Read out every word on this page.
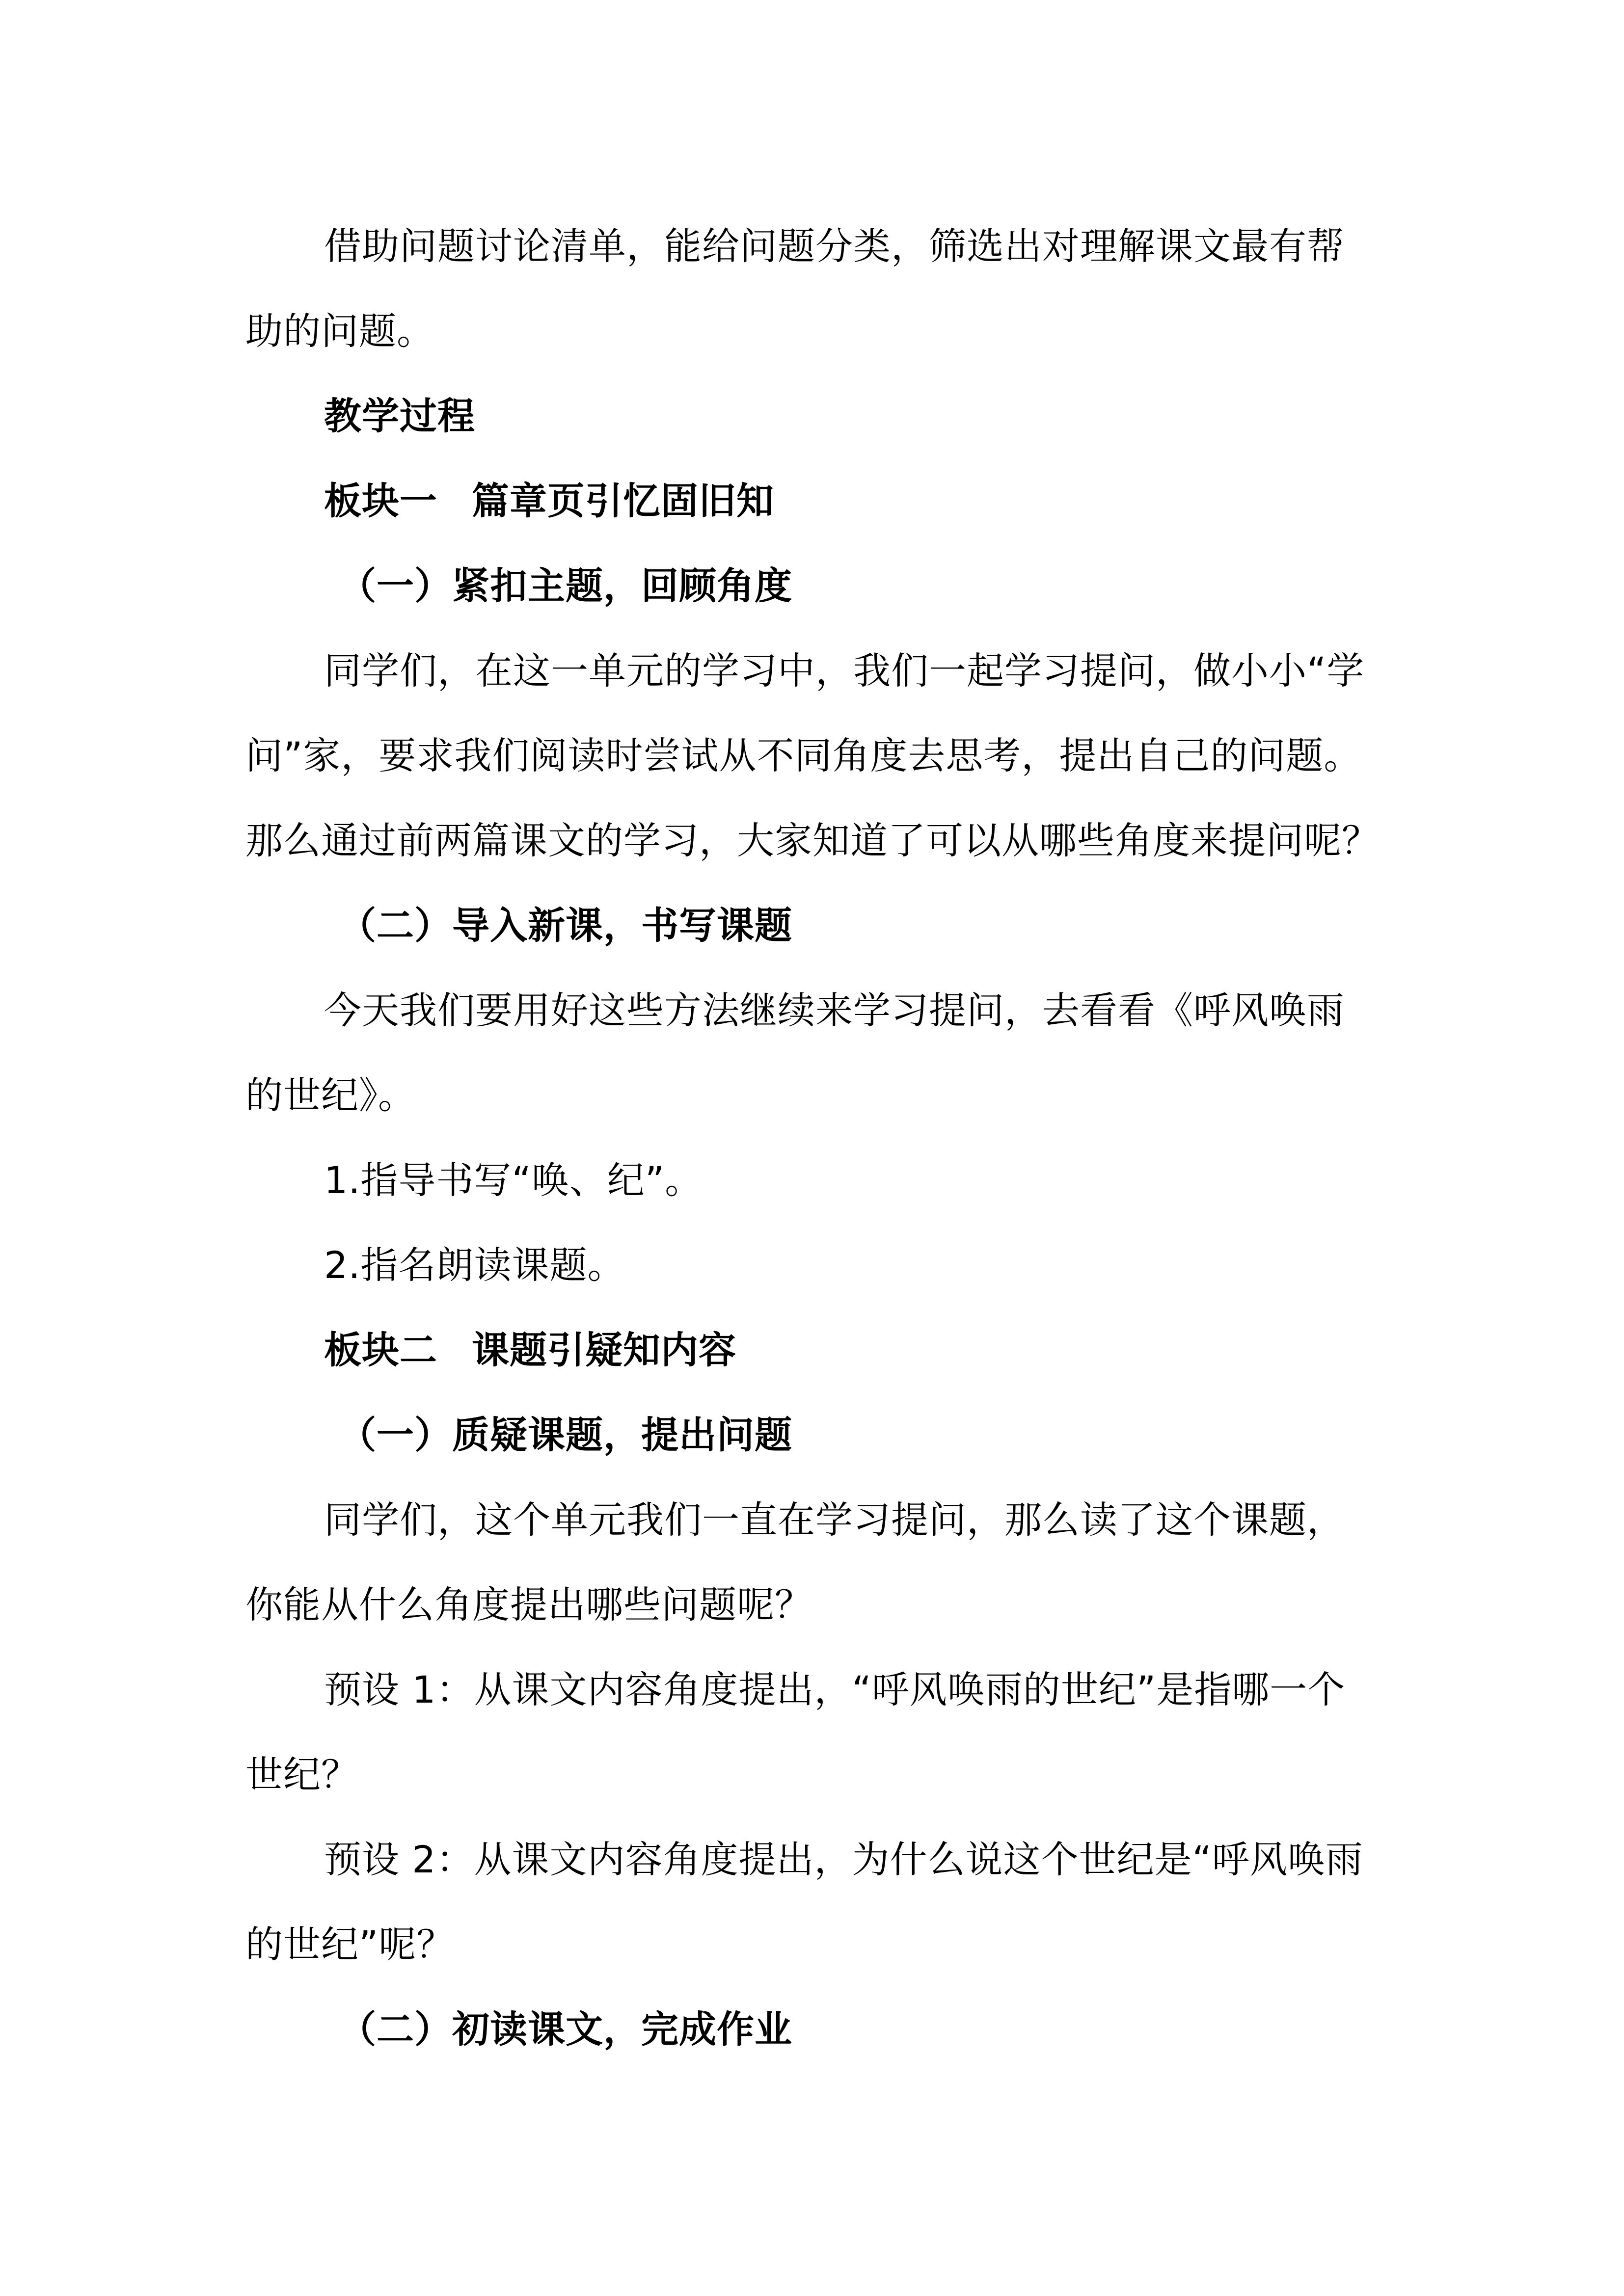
借助问题讨论清单，能给问题分类，筛选出对理解课文最有帮
助的问题。
教学过程
板块一 篇章页引忆固旧知
（一）紧扣主题，回顾角度
同学们，在这一单元的学习中，我们一起学习提问，做小小“学
问”家，要求我们阅读时尝试从不同角度去思考，提出自己的问题。
那么通过前两篇课文的学习，大家知道了可以从哪些角度来提问呢？
（二）导入新课，书写课题
今天我们要用好这些方法继续来学习提问，去看看《呼风唤雨
的世纪》。
1.指导书写“唤、纪”。
2.指名朗读课题。
板块二 课题引疑知内容
（一）质疑课题，提出问题
同学们，这个单元我们一直在学习提问，那么读了这个课题，
你能从什么角度提出哪些问题呢？
预设 1：从课文内容角度提出，“呼风唤雨的世纪”是指哪一个
世纪？
预设 2：从课文内容角度提出，为什么说这个世纪是“呼风唤雨
的世纪”呢？
（二）初读课文，完成作业
